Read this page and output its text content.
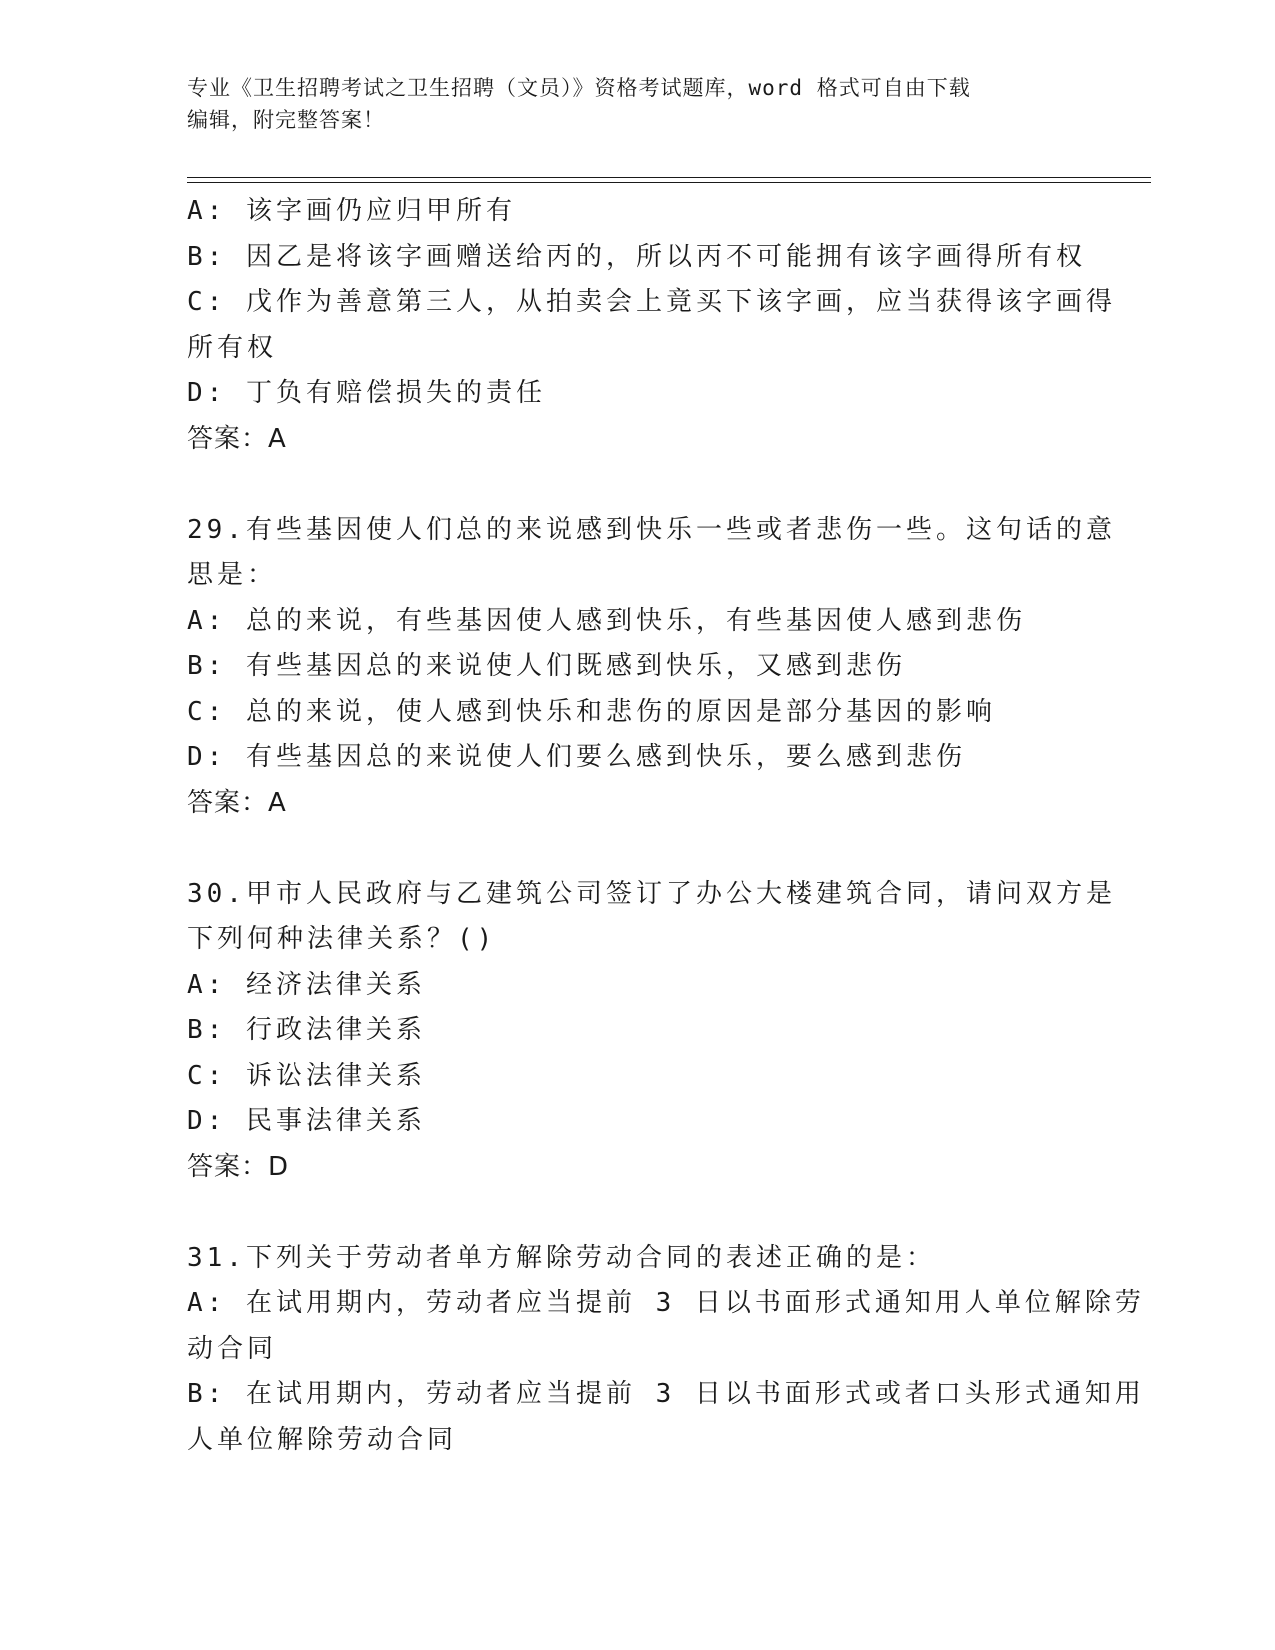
专业《卫生招聘考试之卫生招聘（文员）》资格考试题库，word 格式可自由下载
编辑，附完整答案！
A: 该字画仍应归甲所有
B: 因乙是将该字画赠送给丙的，所以丙不可能拥有该字画得所有权
C: 戊作为善意第三人，从拍卖会上竟买下该字画，应当获得该字画得
所有权
D: 丁负有赔偿损失的责任
答案：A
29.有些基因使人们总的来说感到快乐一些或者悲伤一些。这句话的意
思是：
A: 总的来说，有些基因使人感到快乐，有些基因使人感到悲伤
B: 有些基因总的来说使人们既感到快乐，又感到悲伤
C: 总的来说，使人感到快乐和悲伤的原因是部分基因的影响
D: 有些基因总的来说使人们要么感到快乐，要么感到悲伤
答案：A
30.甲市人民政府与乙建筑公司签订了办公大楼建筑合同，请问双方是
下列何种法律关系？()
A: 经济法律关系
B: 行政法律关系
C: 诉讼法律关系
D: 民事法律关系
答案：D
31.下列关于劳动者单方解除劳动合同的表述正确的是：
A: 在试用期内，劳动者应当提前 3 日以书面形式通知用人单位解除劳
动合同
B: 在试用期内，劳动者应当提前 3 日以书面形式或者口头形式通知用
人单位解除劳动合同
